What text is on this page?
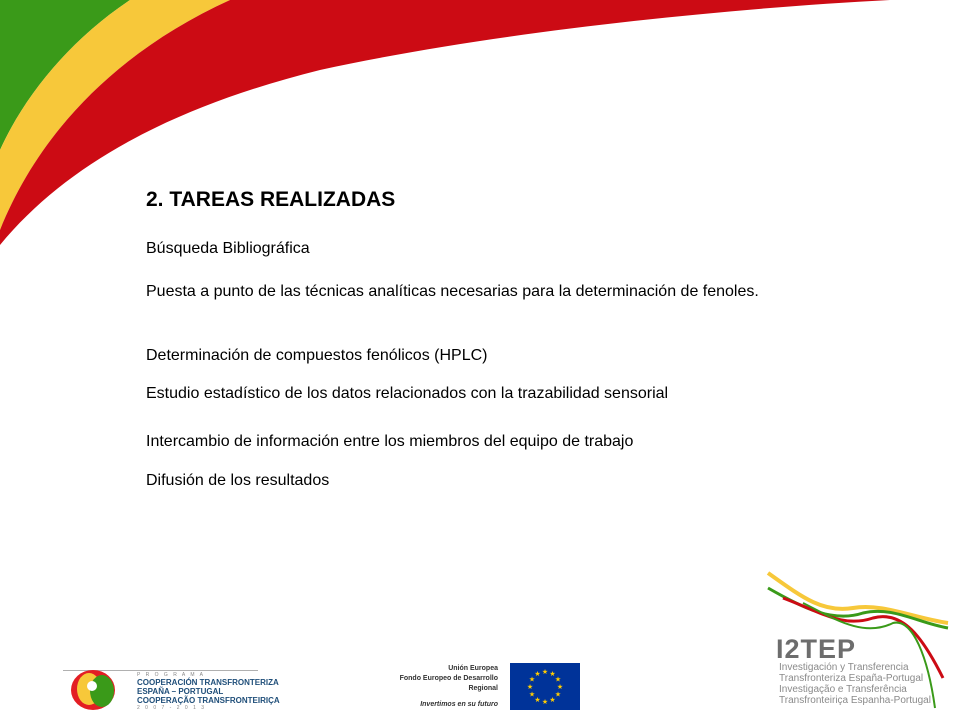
2. TAREAS REALIZADAS
Búsqueda Bibliográfica
Puesta a punto de las técnicas analíticas necesarias para la determinación de fenoles.
Determinación de compuestos fenólicos (HPLC)
Estudio estadístico de los datos relacionados con la trazabilidad sensorial
Intercambio de información entre los miembros del equipo de trabajo
Difusión de los resultados
P R O G R A M A
COOPERACIÓN TRANSFRONTERIZA
ESPAÑA – PORTUGAL
COOPERAÇÃO TRANSFRONTEIRIÇA
2 0 0 7 - 2 0 1 3
Unión Europea
Fondo Europeo de Desarrollo
Regional
Invertimos en su futuro
★ ★
★
★
★
★
★
★
★
★
★
★
I2TEP
Investigación y Transferencia
Transfronteriza España-Portugal
Investigação e Transferência
Transfronteiriça Espanha-Portugal
